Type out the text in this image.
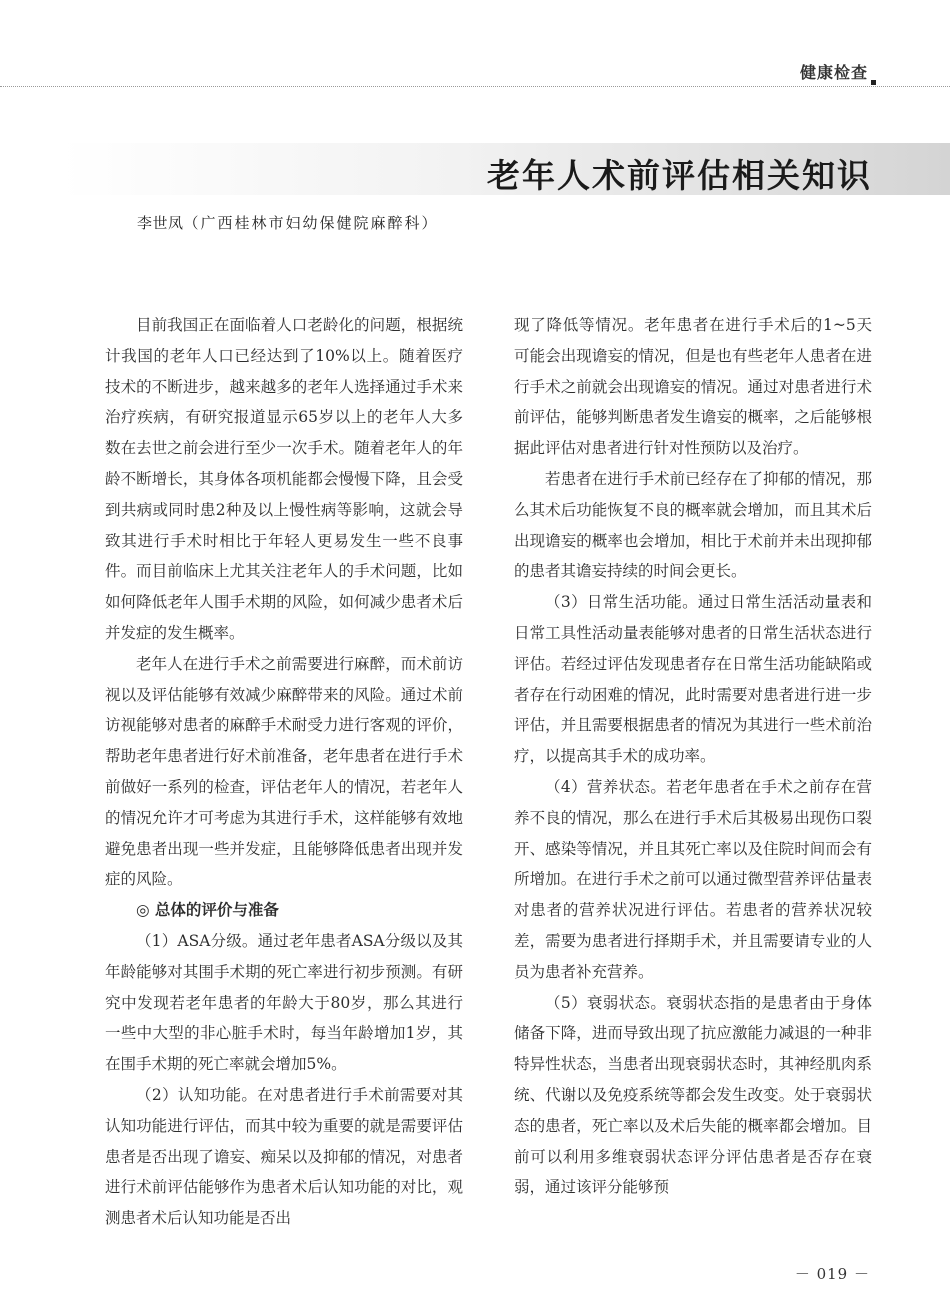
健康检查
老年人术前评估相关知识
李世凤（广西桂林市妇幼保健院麻醉科）

目前我国正在面临着人口老龄化的问题，根据统计我国的老年人口已经达到了10%以上。随着医疗技术的不断进步，越来越多的老年人选择通过手术来治疗疾病，有研究报道显示65岁以上的老年人大多数在去世之前会进行至少一次手术。随着老年人的年龄不断增长，其身体各项机能都会慢慢下降，且会受到共病或同时患2种及以上慢性病等影响，这就会导致其进行手术时相比于年轻人更易发生一些不良事件。而目前临床上尤其关注老年人的手术问题，比如如何降低老年人围手术期的风险，如何减少患者术后并发症的发生概率。

老年人在进行手术之前需要进行麻醉，而术前访视以及评估能够有效减少麻醉带来的风险。通过术前访视能够对患者的麻醉手术耐受力进行客观的评价，帮助老年患者进行好术前准备，老年患者在进行手术前做好一系列的检查，评估老年人的情况，若老年人的情况允许才可考虑为其进行手术，这样能够有效地避免患者出现一些并发症，且能够降低患者出现并发症的风险。

◎ 总体的评价与准备

（1）ASA分级。通过老年患者ASA分级以及其年龄能够对其围手术期的死亡率进行初步预测。有研究中发现若老年患者的年龄大于80岁，那么其进行一些中大型的非心脏手术时，每当年龄增加1岁，其在围手术期的死亡率就会增加5%。

（2）认知功能。在对患者进行手术前需要对其认知功能进行评估，而其中较为重要的就是需要评估患者是否出现了谵妄、痴呆以及抑郁的情况，对患者进行术前评估能够作为患者术后认知功能的对比，观测患者术后认知功能是否出

现了降低等情况。老年患者在进行手术后的1~5天可能会出现谵妄的情况，但是也有些老年人患者在进行手术之前就会出现谵妄的情况。通过对患者进行术前评估，能够判断患者发生谵妄的概率，之后能够根据此评估对患者进行针对性预防以及治疗。

若患者在进行手术前已经存在了抑郁的情况，那么其术后功能恢复不良的概率就会增加，而且其术后出现谵妄的概率也会增加，相比于术前并未出现抑郁的患者其谵妄持续的时间会更长。

（3）日常生活功能。通过日常生活活动量表和日常工具性活动量表能够对患者的日常生活状态进行评估。若经过评估发现患者存在日常生活功能缺陷或者存在行动困难的情况，此时需要对患者进行进一步评估，并且需要根据患者的情况为其进行一些术前治疗，以提高其手术的成功率。

（4）营养状态。若老年患者在手术之前存在营养不良的情况，那么在进行手术后其极易出现伤口裂开、感染等情况，并且其死亡率以及住院时间而会有所增加。在进行手术之前可以通过微型营养评估量表对患者的营养状况进行评估。若患者的营养状况较差，需要为患者进行择期手术，并且需要请专业的人员为患者补充营养。

（5）衰弱状态。衰弱状态指的是患者由于身体储备下降，进而导致出现了抗应激能力减退的一种非特异性状态，当患者出现衰弱状态时，其神经肌肉系统、代谢以及免疫系统等都会发生改变。处于衰弱状态的患者，死亡率以及术后失能的概率都会增加。目前可以利用多维衰弱状态评分评估患者是否存在衰弱，通过该评分能够预

－ 019 －
